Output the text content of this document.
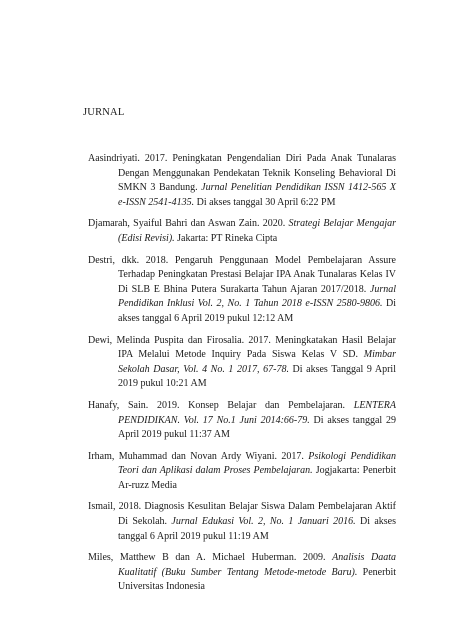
JURNAL

Aasindriyati. 2017. Peningkatan Pengendalian Diri Pada Anak Tunalaras Dengan Menggunakan Pendekatan Teknik Konseling Behavioral Di SMKN 3 Bandung. Jurnal Penelitian Pendidikan ISSN 1412-565 X e-ISSN 2541-4135. Di akses tanggal 30 April 6:22 PM

Djamarah, Syaiful Bahri dan Aswan Zain. 2020. Strategi Belajar Mengajar (Edisi Revisi). Jakarta: PT Rineka Cipta

Destri, dkk. 2018. Pengaruh Penggunaan Model Pembelajaran Assure Terhadap Peningkatan Prestasi Belajar IPA Anak Tunalaras Kelas IV Di SLB E Bhina Putera Surakarta Tahun Ajaran 2017/2018. Jurnal Pendidikan Inklusi Vol. 2, No. 1 Tahun 2018 e-ISSN 2580-9806. Di akses tanggal 6 April 2019 pukul 12:12 AM

Dewi, Melinda Puspita dan Firosalia. 2017. Meningkatakan Hasil Belajar IPA Melalui Metode Inquiry Pada Siswa Kelas V SD. Mimbar Sekolah Dasar, Vol. 4 No. 1 2017, 67-78. Di akses Tanggal 9 April 2019 pukul 10:21 AM

Hanafy, Sain. 2019. Konsep Belajar dan Pembelajaran. LENTERA PENDIDIKAN. Vol. 17 No.1 Juni 2014:66-79. Di akses tanggal 29 April 2019 pukul 11:37 AM

Irham, Muhammad dan Novan Ardy Wiyani. 2017. Psikologi Pendidikan Teori dan Aplikasi dalam Proses Pembelajaran. Jogjakarta: Penerbit Ar-ruzz Media

Ismail, 2018. Diagnosis Kesulitan Belajar Siswa Dalam Pembelajaran Aktif Di Sekolah. Jurnal Edukasi Vol. 2, No. 1 Januari 2016. Di akses tanggal 6 April 2019 pukul 11:19 AM

Miles, Matthew B dan A. Michael Huberman. 2009. Analisis Daata Kualitatif (Buku Sumber Tentang Metode-metode Baru). Penerbit Universitas Indonesia
